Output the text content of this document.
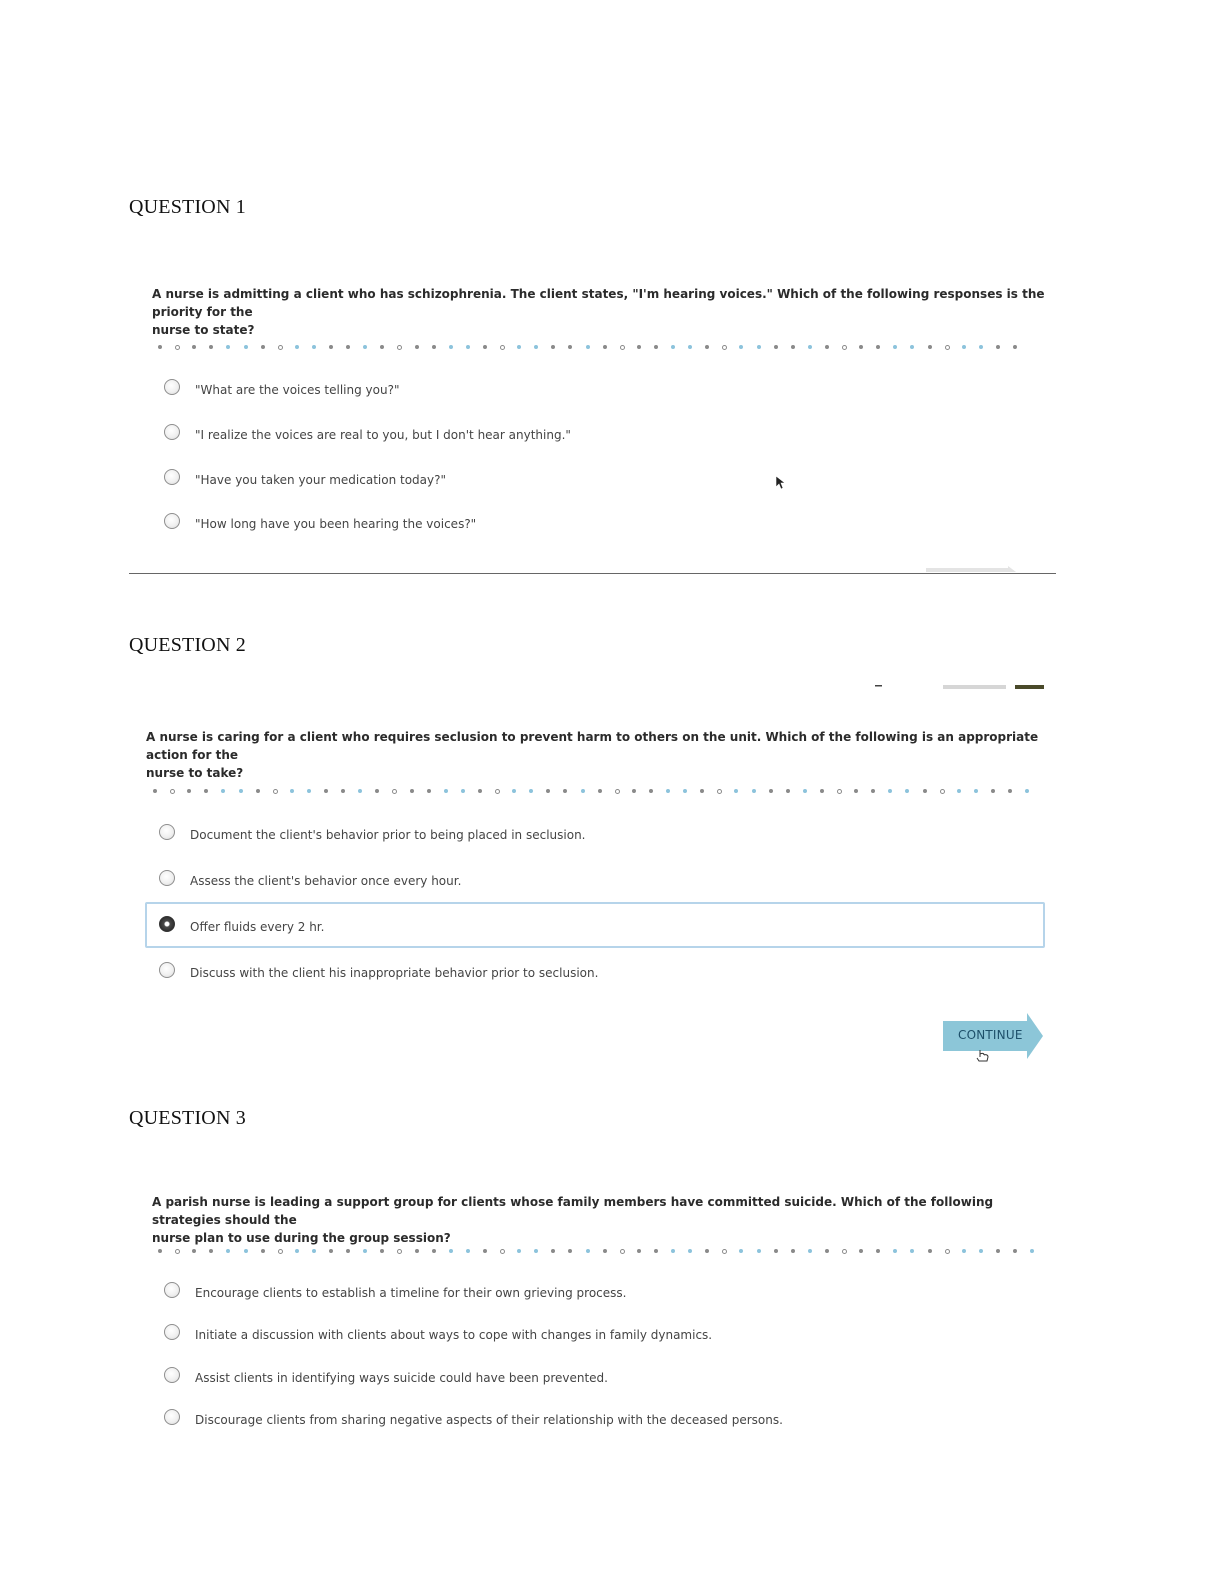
QUESTION 1

A nurse is admitting a client who has schizophrenia. The client states, "I'm hearing voices." Which of the following responses is the priority for the
nurse to state?

"What are the voices telling you?"
"I realize the voices are real to you, but I don't hear anything."
"Have you taken your medication today?"
"How long have you been hearing the voices?"
QUESTION 2

A nurse is caring for a client who requires seclusion to prevent harm to others on the unit. Which of the following is an appropriate action for the
nurse to take?

Document the client's behavior prior to being placed in seclusion.
Assess the client's behavior once every hour.
Offer fluids every 2 hr.
Discuss with the client his inappropriate behavior prior to seclusion.
CONTINUE
QUESTION 3

A parish nurse is leading a support group for clients whose family members have committed suicide. Which of the following strategies should the
nurse plan to use during the group session?

Encourage clients to establish a timeline for their own grieving process.
Initiate a discussion with clients about ways to cope with changes in family dynamics.
Assist clients in identifying ways suicide could have been prevented.
Discourage clients from sharing negative aspects of their relationship with the deceased persons.
